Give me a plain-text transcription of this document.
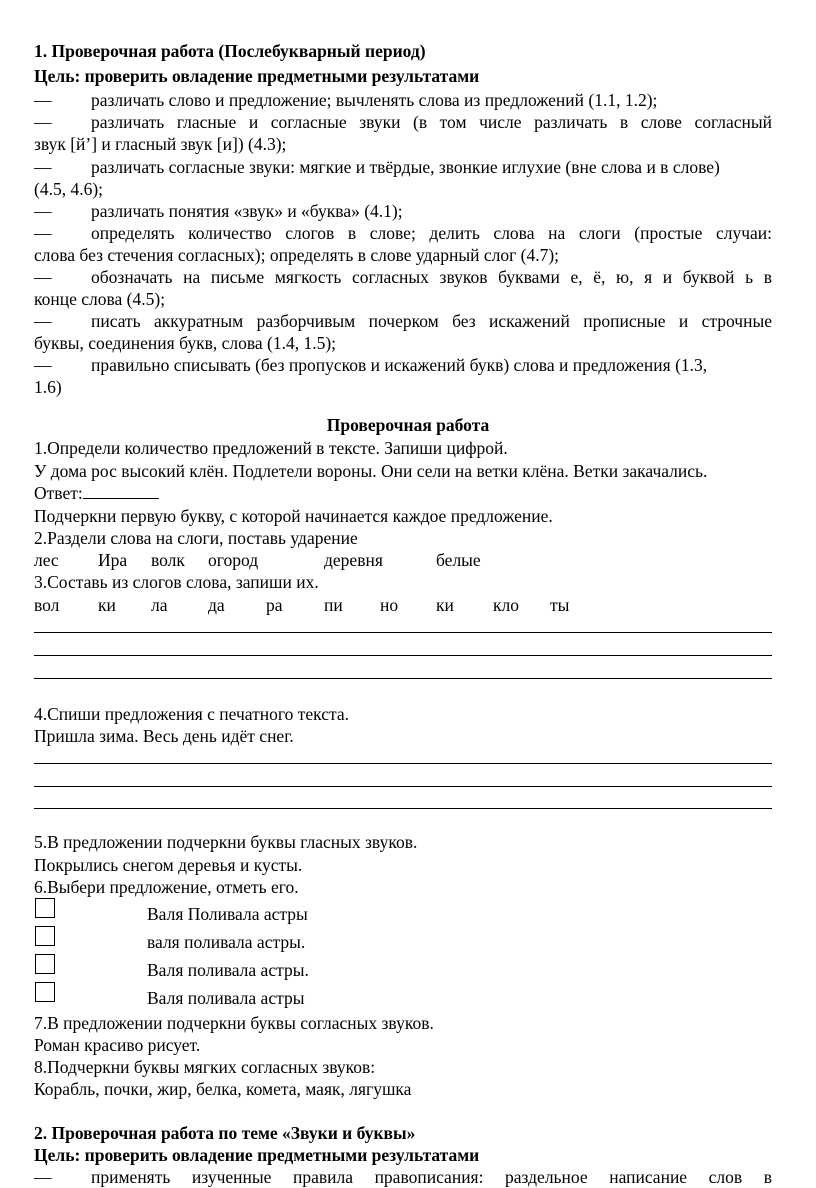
1. Проверочная работа (Послебукварный период)
Цель: проверить овладение предметными результатами
— различать слово и предложение; вычленять слова из предложений (1.1, 1.2);
— различать гласные и согласные звуки (в том числе различать в слове согласный
звук [й’] и гласный звук [и]) (4.3);
— различать согласные звуки: мягкие и твёрдые, звонкие иглухие (вне слова и в слове)
(4.5, 4.6);
— различать понятия «звук» и «буква» (4.1);
— определять количество слогов в слове; делить слова на слоги (простые случаи:
слова без стечения согласных); определять в слове ударный слог (4.7);
— обозначать на письме мягкость согласных звуков буквами е, ё, ю, я и буквой ь в
конце слова (4.5);
— писать аккуратным разборчивым почерком без искажений прописные и строчные
буквы, соединения букв, слова (1.4, 1.5);
— правильно списывать (без пропусков и искажений букв) слова и предложения (1.3,
1.6)
Проверочная работа
1.Определи количество предложений в тексте. Запиши цифрой.
У дома рос высокий клён. Подлетели вороны. Они сели на ветки клёна. Ветки закачались.
Ответ:
Подчеркни первую букву, с которой начинается каждое предложение.
2.Раздели слова на слоги, поставь ударение
лес Ира волк огород	деревня	белые
3.Составь из слогов слова, запиши их.
вол ки ла да ра пи но ки кло ты
4.Спиши предложения с печатного текста.
Пришла зима. Весь день идёт снег.
5.В предложении подчеркни буквы гласных звуков.
Покрылись снегом деревья и кусты.
6.Выбери предложение, отметь его.
Валя Поливала астры
валя поливала астры.
Валя поливала астры.
Валя поливала астры
7.В предложении подчеркни буквы согласных звуков.
Роман красиво рисует.
8.Подчеркни буквы мягких согласных звуков:
Корабль, почки, жир, белка, комета, маяк, лягушка
2. Проверочная работа по теме «Звуки и буквы»
Цель: проверить овладение предметными результатами
— применять изученные правила правописания: раздельное написание слов в
